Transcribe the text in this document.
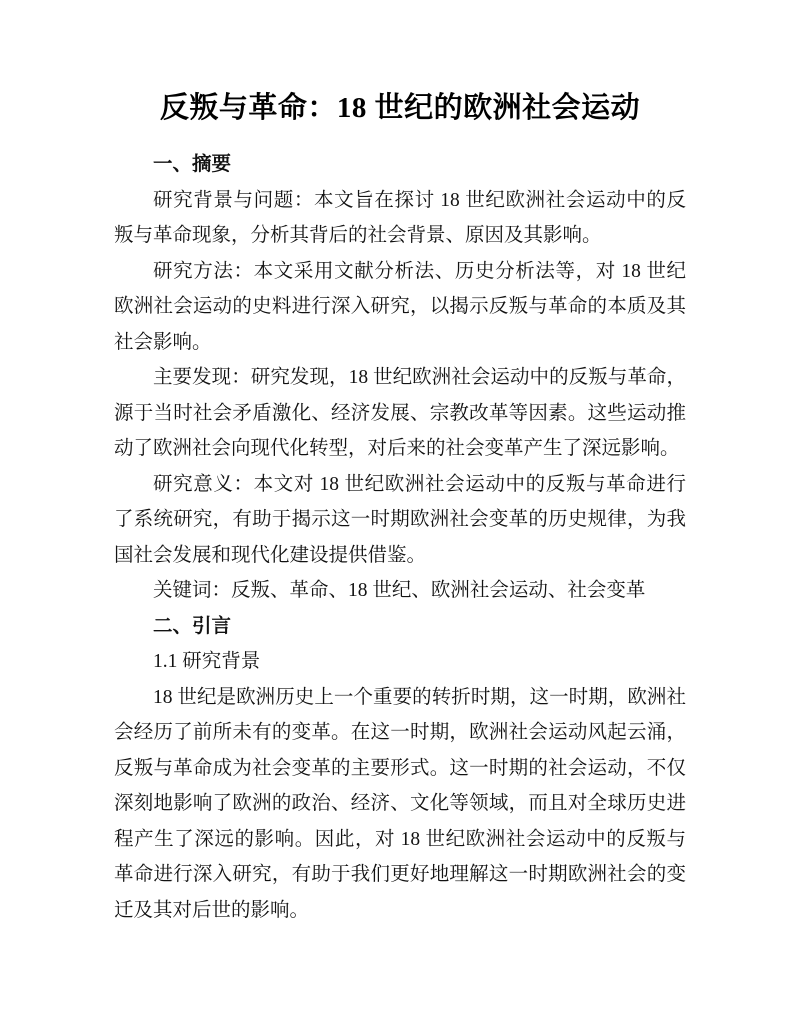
反叛与革命：18 世纪的欧洲社会运动

一、摘要

研究背景与问题：本文旨在探讨 18 世纪欧洲社会运动中的反叛与革命现象，分析其背后的社会背景、原因及其影响。

研究方法：本文采用文献分析法、历史分析法等，对 18 世纪欧洲社会运动的史料进行深入研究，以揭示反叛与革命的本质及其社会影响。

主要发现：研究发现，18 世纪欧洲社会运动中的反叛与革命，源于当时社会矛盾激化、经济发展、宗教改革等因素。这些运动推动了欧洲社会向现代化转型，对后来的社会变革产生了深远影响。

研究意义：本文对 18 世纪欧洲社会运动中的反叛与革命进行了系统研究，有助于揭示这一时期欧洲社会变革的历史规律，为我国社会发展和现代化建设提供借鉴。

关键词：反叛、革命、18 世纪、欧洲社会运动、社会变革

二、引言

1.1 研究背景

18 世纪是欧洲历史上一个重要的转折时期，这一时期，欧洲社会经历了前所未有的变革。在这一时期，欧洲社会运动风起云涌，反叛与革命成为社会变革的主要形式。这一时期的社会运动，不仅深刻地影响了欧洲的政治、经济、文化等领域，而且对全球历史进程产生了深远的影响。因此，对 18 世纪欧洲社会运动中的反叛与革命进行深入研究，有助于我们更好地理解这一时期欧洲社会的变迁及其对后世的影响。
